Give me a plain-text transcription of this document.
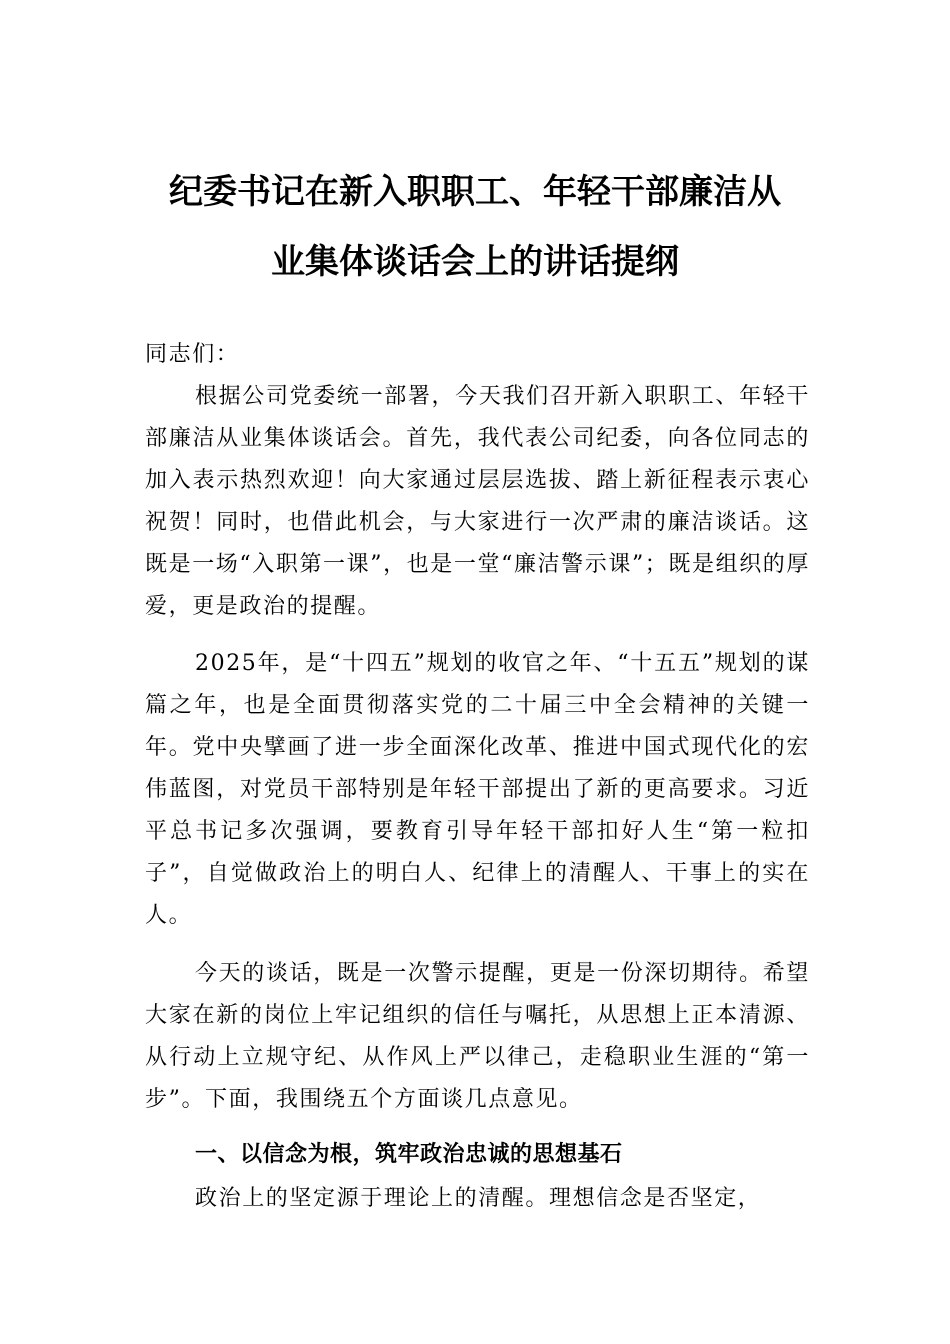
纪委书记在新入职职工、年轻干部廉洁从
业集体谈话会上的讲话提纲
同志们：

根据公司党委统一部署，今天我们召开新入职职工、年轻干部廉洁从业集体谈话会。首先，我代表公司纪委，向各位同志的加入表示热烈欢迎！向大家通过层层选拔、踏上新征程表示衷心祝贺！同时，也借此机会，与大家进行一次严肃的廉洁谈话。这既是一场“入职第一课”，也是一堂“廉洁警示课”；既是组织的厚爱，更是政治的提醒。

2025年，是“十四五”规划的收官之年、“十五五”规划的谋篇之年，也是全面贯彻落实党的二十届三中全会精神的关键一年。党中央擘画了进一步全面深化改革、推进中国式现代化的宏伟蓝图，对党员干部特别是年轻干部提出了新的更高要求。习近平总书记多次强调，要教育引导年轻干部扣好人生“第一粒扣子”，自觉做政治上的明白人、纪律上的清醒人、干事上的实在人。

今天的谈话，既是一次警示提醒，更是一份深切期待。希望大家在新的岗位上牢记组织的信任与嘱托，从思想上正本清源、从行动上立规守纪、从作风上严以律己，走稳职业生涯的“第一步”。下面，我围绕五个方面谈几点意见。

一、以信念为根，筑牢政治忠诚的思想基石

政治上的坚定源于理论上的清醒。理想信念是否坚定，
